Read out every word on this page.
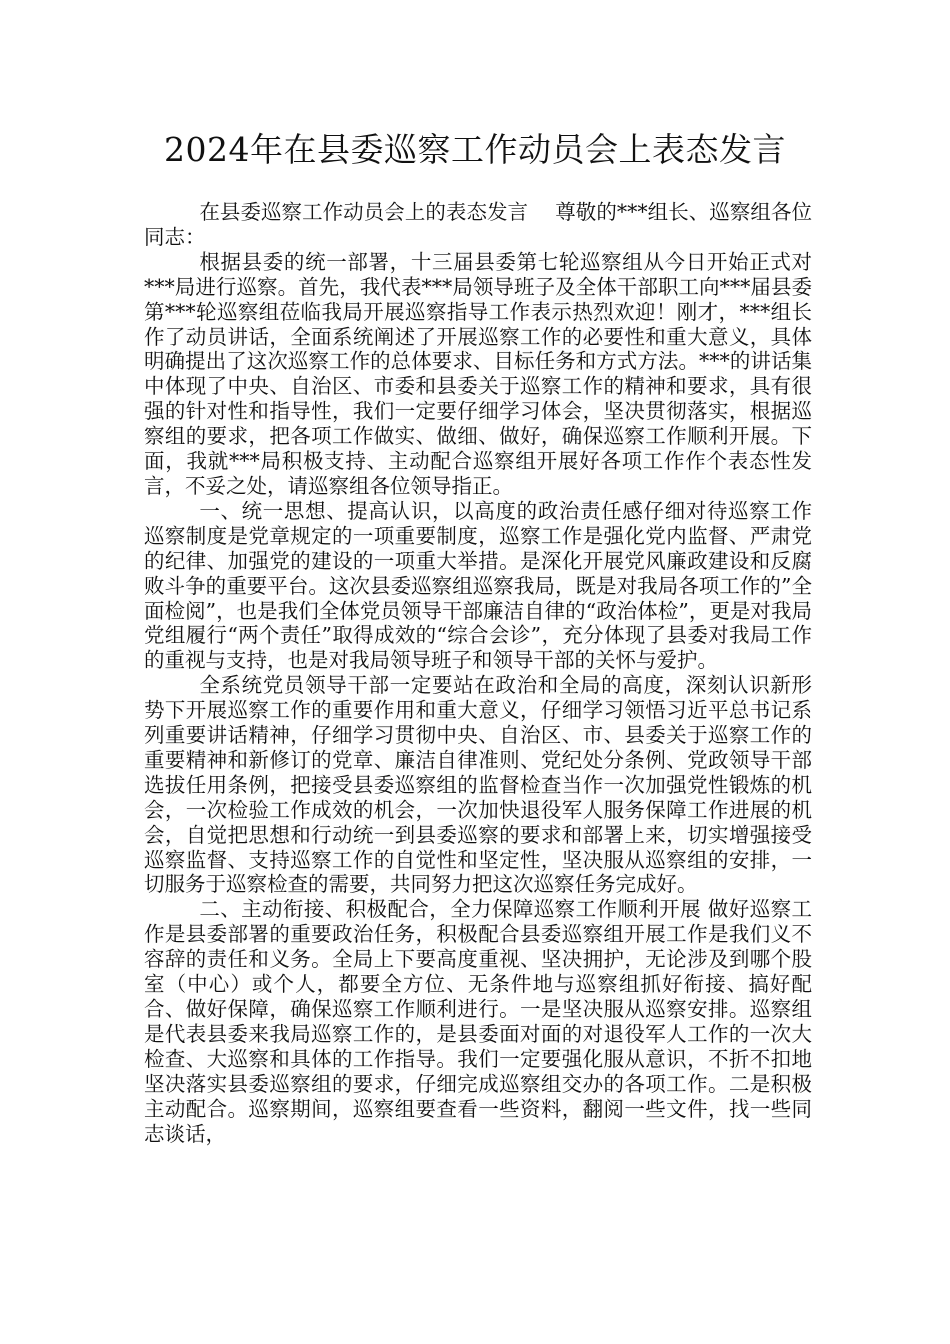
2024年在县委巡察工作动员会上表态发言

在县委巡察工作动员会上的表态发言　 尊敬的***组长、巡察组各位同志：

根据县委的统一部署，十三届县委第七轮巡察组从今日开始正式对***局进行巡察。首先，我代表***局领导班子及全体干部职工向***届县委第***轮巡察组莅临我局开展巡察指导工作表示热烈欢迎！刚才，***组长作了动员讲话，全面系统阐述了开展巡察工作的必要性和重大意义，具体明确提出了这次巡察工作的总体要求、目标任务和方式方法。***的讲话集中体现了中央、自治区、市委和县委关于巡察工作的精神和要求，具有很强的针对性和指导性，我们一定要仔细学习体会，坚决贯彻落实，根据巡察组的要求，把各项工作做实、做细、做好，确保巡察工作顺利开展。下面，我就***局积极支持、主动配合巡察组开展好各项工作作个表态性发言，不妥之处，请巡察组各位领导指正。

一、统一思想、提高认识，以高度的政治责任感仔细对待巡察工作 巡察制度是党章规定的一项重要制度，巡察工作是强化党内监督、严肃党的纪律、加强党的建设的一项重大举措。是深化开展党风廉政建设和反腐败斗争的重要平台。这次县委巡察组巡察我局，既是对我局各项工作的”全面检阅”，也是我们全体党员领导干部廉洁自律的“政治体检”，更是对我局党组履行“两个责任”取得成效的“综合会诊”，充分体现了县委对我局工作的重视与支持，也是对我局领导班子和领导干部的关怀与爱护。

全系统党员领导干部一定要站在政治和全局的高度，深刻认识新形势下开展巡察工作的重要作用和重大意义，仔细学习领悟习近平总书记系列重要讲话精神，仔细学习贯彻中央、自治区、市、县委关于巡察工作的重要精神和新修订的党章、廉洁自律准则、党纪处分条例、党政领导干部选拔任用条例，把接受县委巡察组的监督检查当作一次加强党性锻炼的机会，一次检验工作成效的机会，一次加快退役军人服务保障工作进展的机会，自觉把思想和行动统一到县委巡察的要求和部署上来，切实增强接受巡察监督、支持巡察工作的自觉性和坚定性，坚决服从巡察组的安排，一切服务于巡察检查的需要，共同努力把这次巡察任务完成好。

二、主动衔接、积极配合，全力保障巡察工作顺利开展 做好巡察工作是县委部署的重要政治任务，积极配合县委巡察组开展工作是我们义不容辞的责任和义务。全局上下要高度重视、坚决拥护，无论涉及到哪个股室（中心）或个人，都要全方位、无条件地与巡察组抓好衔接、搞好配合、做好保障，确保巡察工作顺利进行。一是坚决服从巡察安排。巡察组是代表县委来我局巡察工作的，是县委面对面的对退役军人工作的一次大检查、大巡察和具体的工作指导。我们一定要强化服从意识，不折不扣地坚决落实县委巡察组的要求，仔细完成巡察组交办的各项工作。二是积极主动配合。巡察期间，巡察组要查看一些资料，翻阅一些文件，找一些同志谈话，
